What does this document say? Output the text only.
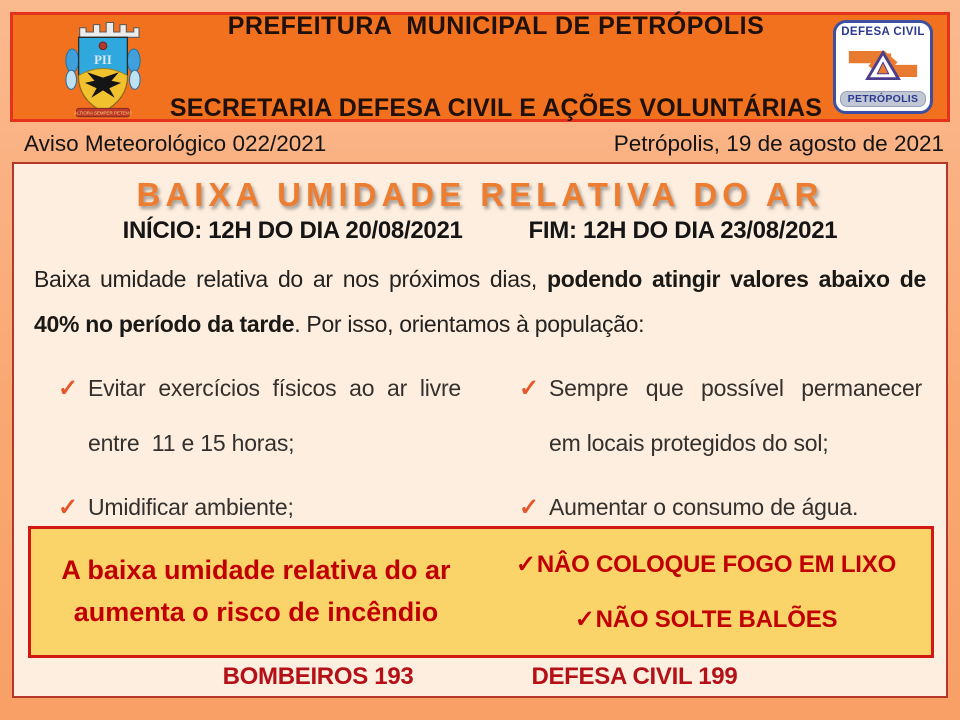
PII
ALTIORA SEMPER PETENS

PREFEITURA  MUNICIPAL DE PETRÓPOLIS

SECRETARIA DEFESA CIVIL E AÇÕES VOLUNTÁRIAS

DEFESA CIVIL
PETRÓPOLIS
Aviso Meteorológico 022/2021	Petrópolis, 19 de agosto de 2021
BAIXA UMIDADE RELATIVA DO AR
INÍCIO: 12H DO DIA 20/08/2021	FIM: 12H DO DIA 23/08/2021
Baixa umidade relativa do ar nos próximos dias, podendo atingir valores abaixo de 40% no período da tarde. Por isso, orientamos à população:
✓ Evitar exercícios físicos ao ar livre entre  11 e 15 horas;
✓ Umidificar ambiente;
✓ Sempre que possível permanecer em locais protegidos do sol;
✓ Aumentar o consumo de água.
A baixa umidade relativa do ar aumenta o risco de incêndio
✓NÂO COLOQUE FOGO EM LIXO
✓NÃO SOLTE BALÕES
BOMBEIROS 193	DEFESA CIVIL 199
